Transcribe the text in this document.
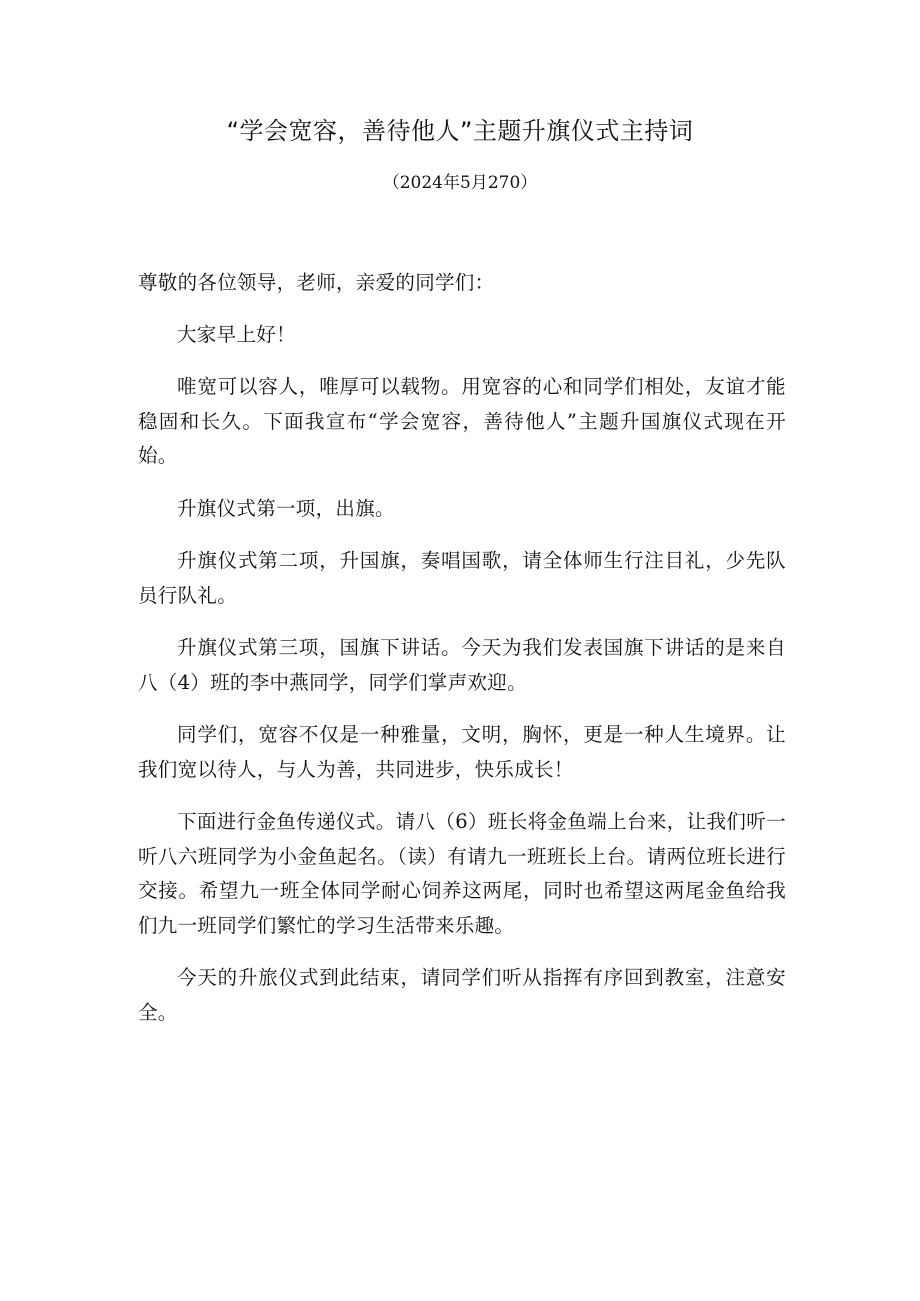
“学会宽容，善待他人”主题升旗仪式主持词
（2024年5月270）

尊敬的各位领导，老师，亲爱的同学们：

大家早上好！

唯宽可以容人，唯厚可以载物。用宽容的心和同学们相处，友谊才能稳固和长久。下面我宣布“学会宽容，善待他人”主题升国旗仪式现在开始。

升旗仪式第一项，出旗。

升旗仪式第二项，升国旗，奏唱国歌，请全体师生行注目礼，少先队员行队礼。

升旗仪式第三项，国旗下讲话。今天为我们发表国旗下讲话的是来自八（4）班的李中燕同学，同学们掌声欢迎。

同学们，宽容不仅是一种雅量，文明，胸怀，更是一种人生境界。让我们宽以待人，与人为善，共同进步，快乐成长！

下面进行金鱼传递仪式。请八（6）班长将金鱼端上台来，让我们听一听八六班同学为小金鱼起名。（读）有请九一班班长上台。请两位班长进行交接。希望九一班全体同学耐心饲养这两尾，同时也希望这两尾金鱼给我们九一班同学们繁忙的学习生活带来乐趣。

今天的升旅仪式到此结束，请同学们听从指挥有序回到教室，注意安全。
